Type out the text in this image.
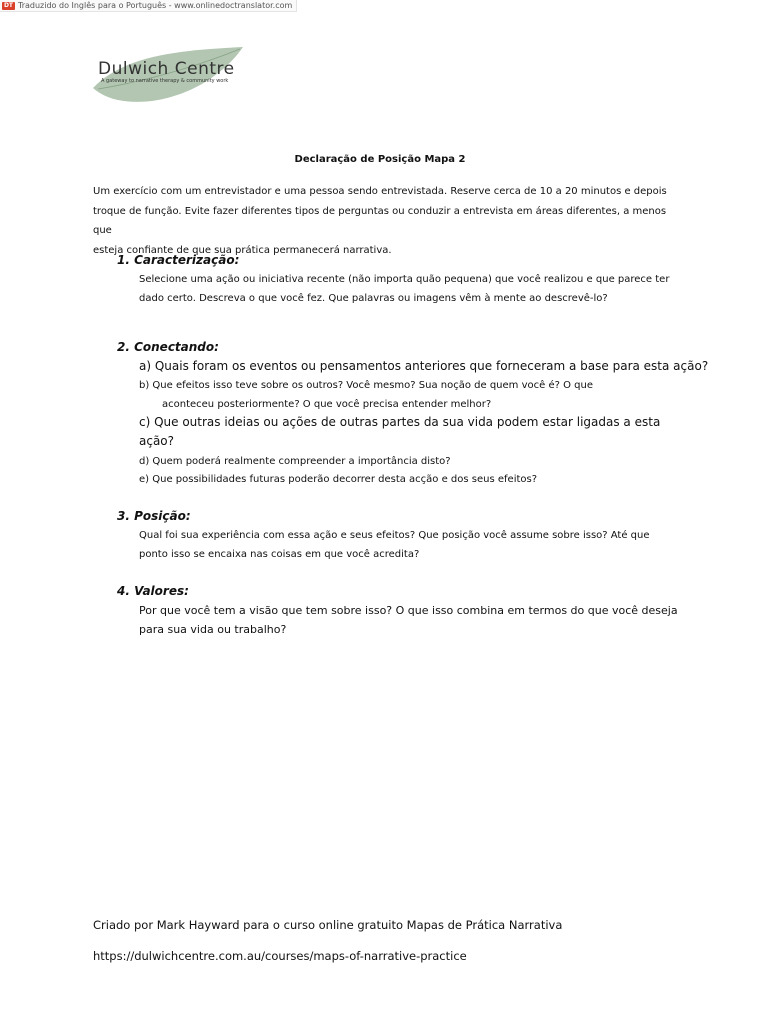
DT Traduzido do Inglês para o Português - www.onlinedoctranslator.com
Dulwich Centre
A gateway to narrative therapy & community work

Declaração de Posição Mapa 2

Um exercício com um entrevistador e uma pessoa sendo entrevistada. Reserve cerca de 10 a 20 minutos e depois
troque de função. Evite fazer diferentes tipos de perguntas ou conduzir a entrevista em áreas diferentes, a menos que
esteja confiante de que sua prática permanecerá narrativa.

1. Caracterização:

Selecione uma ação ou iniciativa recente (não importa quão pequena) que você realizou e que parece ter
dado certo. Descreva o que você fez. Que palavras ou imagens vêm à mente ao descrevê-lo?

2. Conectando:

a) Quais foram os eventos ou pensamentos anteriores que forneceram a base para esta ação?

b) Que efeitos isso teve sobre os outros? Você mesmo? Sua noção de quem você é? O que
aconteceu posteriormente? O que você precisa entender melhor?

c) Que outras ideias ou ações de outras partes da sua vida podem estar ligadas a esta
ação?

d) Quem poderá realmente compreender a importância disto?

e) Que possibilidades futuras poderão decorrer desta acção e dos seus efeitos?

3. Posição:

Qual foi sua experiência com essa ação e seus efeitos? Que posição você assume sobre isso? Até que
ponto isso se encaixa nas coisas em que você acredita?

4. Valores:

Por que você tem a visão que tem sobre isso? O que isso combina em termos do que você deseja
para sua vida ou trabalho?

Criado por Mark Hayward para o curso online gratuito Mapas de Prática Narrativa

https://dulwichcentre.com.au/courses/maps-of-narrative-practice
